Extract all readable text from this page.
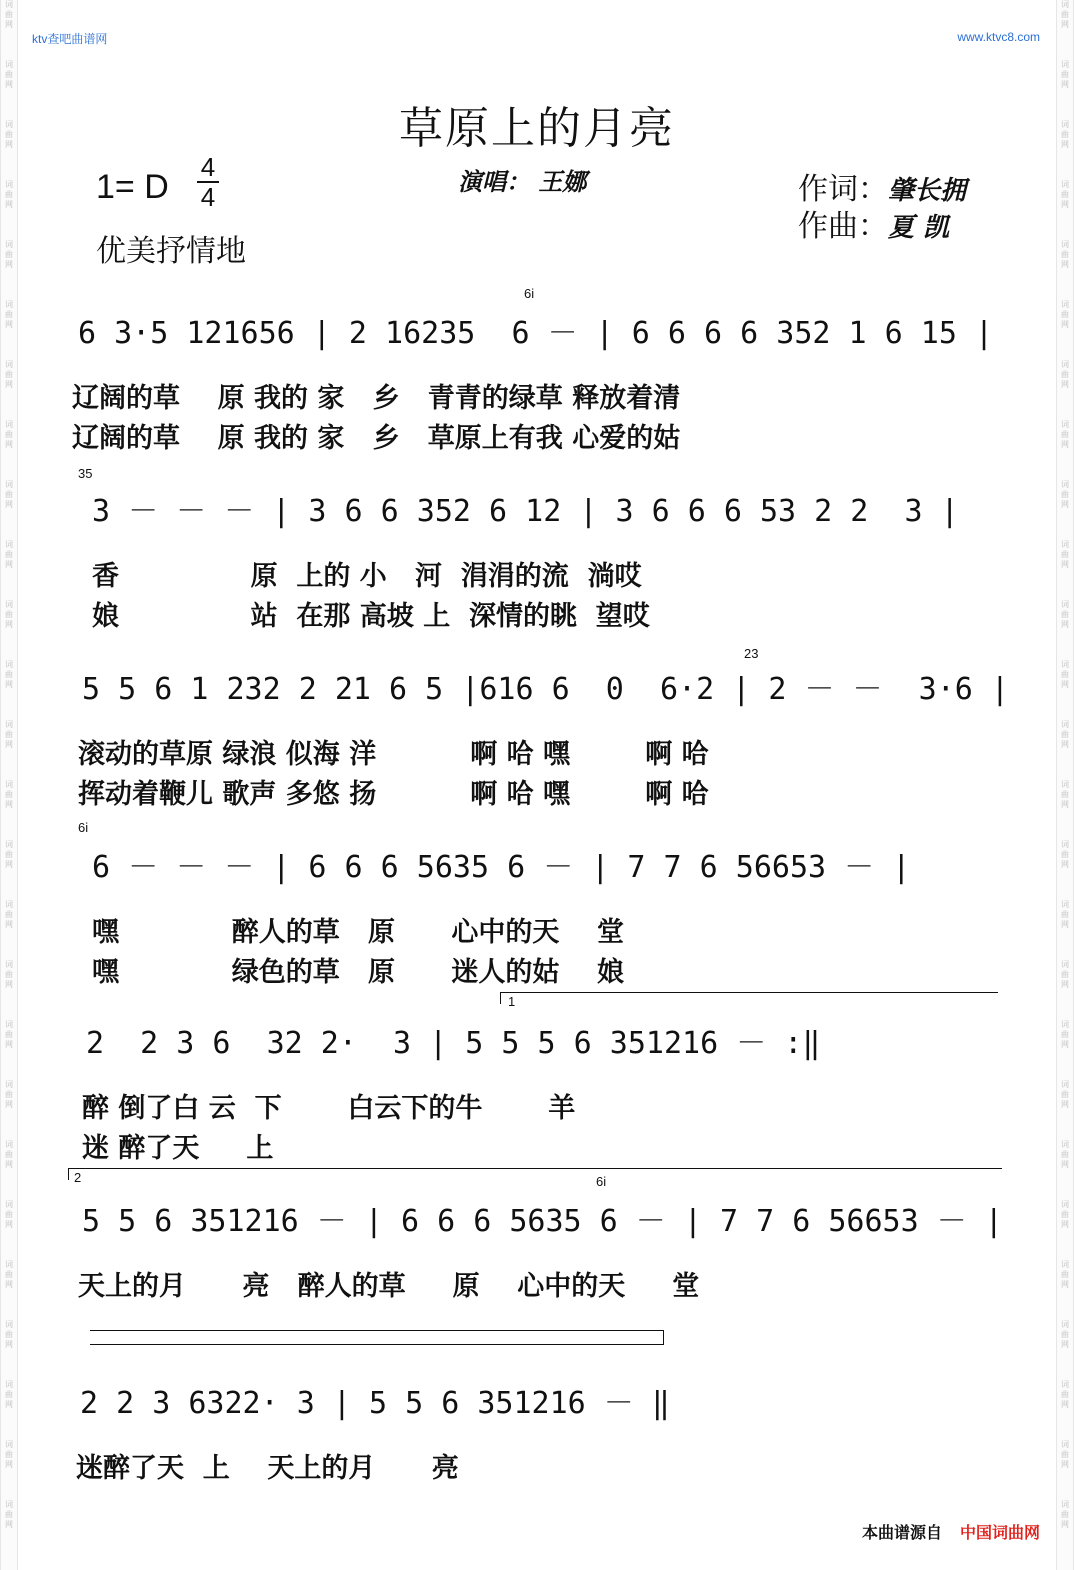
词
曲
网
词
曲
网
词
曲
网
词
曲
网
词
曲
网
词
曲
网
词
曲
网
词
曲
网
词
曲
网
词
曲
网
词
曲
网
词
曲
网
词
曲
网
词
曲
网
词
曲
网
词
曲
网
词
曲
网
词
曲
网
词
曲
网
词
曲
网
词
曲
网
词
曲
网
词
曲
网
词
曲
网
词
曲
网
词
曲
网
词
曲
网
词
曲
网
词
曲
网
词
曲
网
词
曲
网
词
曲
网
词
曲
网
词
曲
网
词
曲
网
词
曲
网
词
曲
网
词
曲
网
词
曲
网
词
曲
网
词
曲
网
词
曲
网
词
曲
网
词
曲
网
词
曲
网
词
曲
网
词
曲
网
词
曲
网
词
曲
网
词
曲
网
词
曲
网
词
曲
网
ktv查吧曲谱网	www.ktvc8.com
草原上的月亮
1= D
4
4
优美抒情地
演唱： 王娜	作词：肇长拥
作曲：夏 凯
6i
6 3·5 121656 | 2 16235  6 － | 6 6 6 6 352 1 6 15 |
辽阔的草    原 我的 家   乡   青青的绿草 释放着清
辽阔的草    原 我的 家   乡   草原上有我 心爱的姑
35
3 － － － | 3 6 6 352 6 12 | 3 6 6 6 53 2 2  3 |
香              原  上的 小   河  涓涓的流  淌哎
娘              站  在那 高坡 上  深情的眺  望哎
23
5 5 6 1 232 2 21 6 5 |616 6  0  6·2 | 2 － －  3·6 |
滚动的草原 绿浪 似海 洋          啊 哈 嘿        啊 哈
挥动着鞭儿 歌声 多悠 扬          啊 哈 嘿        啊 哈
6i
6 － － － | 6 6 6 5635 6 － | 7 7 6 56653 － |
嘿            醉人的草   原      心中的天    堂
嘿            绿色的草   原      迷人的姑    娘
1
2  2 3 6  32 2·  3 | 5 5 5 6 351216 － :‖
醉 倒了白 云  下       白云下的牛       羊
迷 醉了天     上
2	6i
5 5 6 351216 － | 6 6 6 5635 6 － | 7 7 6 56653 － |
天上的月      亮   醉人的草     原    心中的天     堂
2 2 3 6322· 3 | 5 5 6 351216 － ‖
迷醉了天  上    天上的月      亮
本曲谱源自 中国词曲网
